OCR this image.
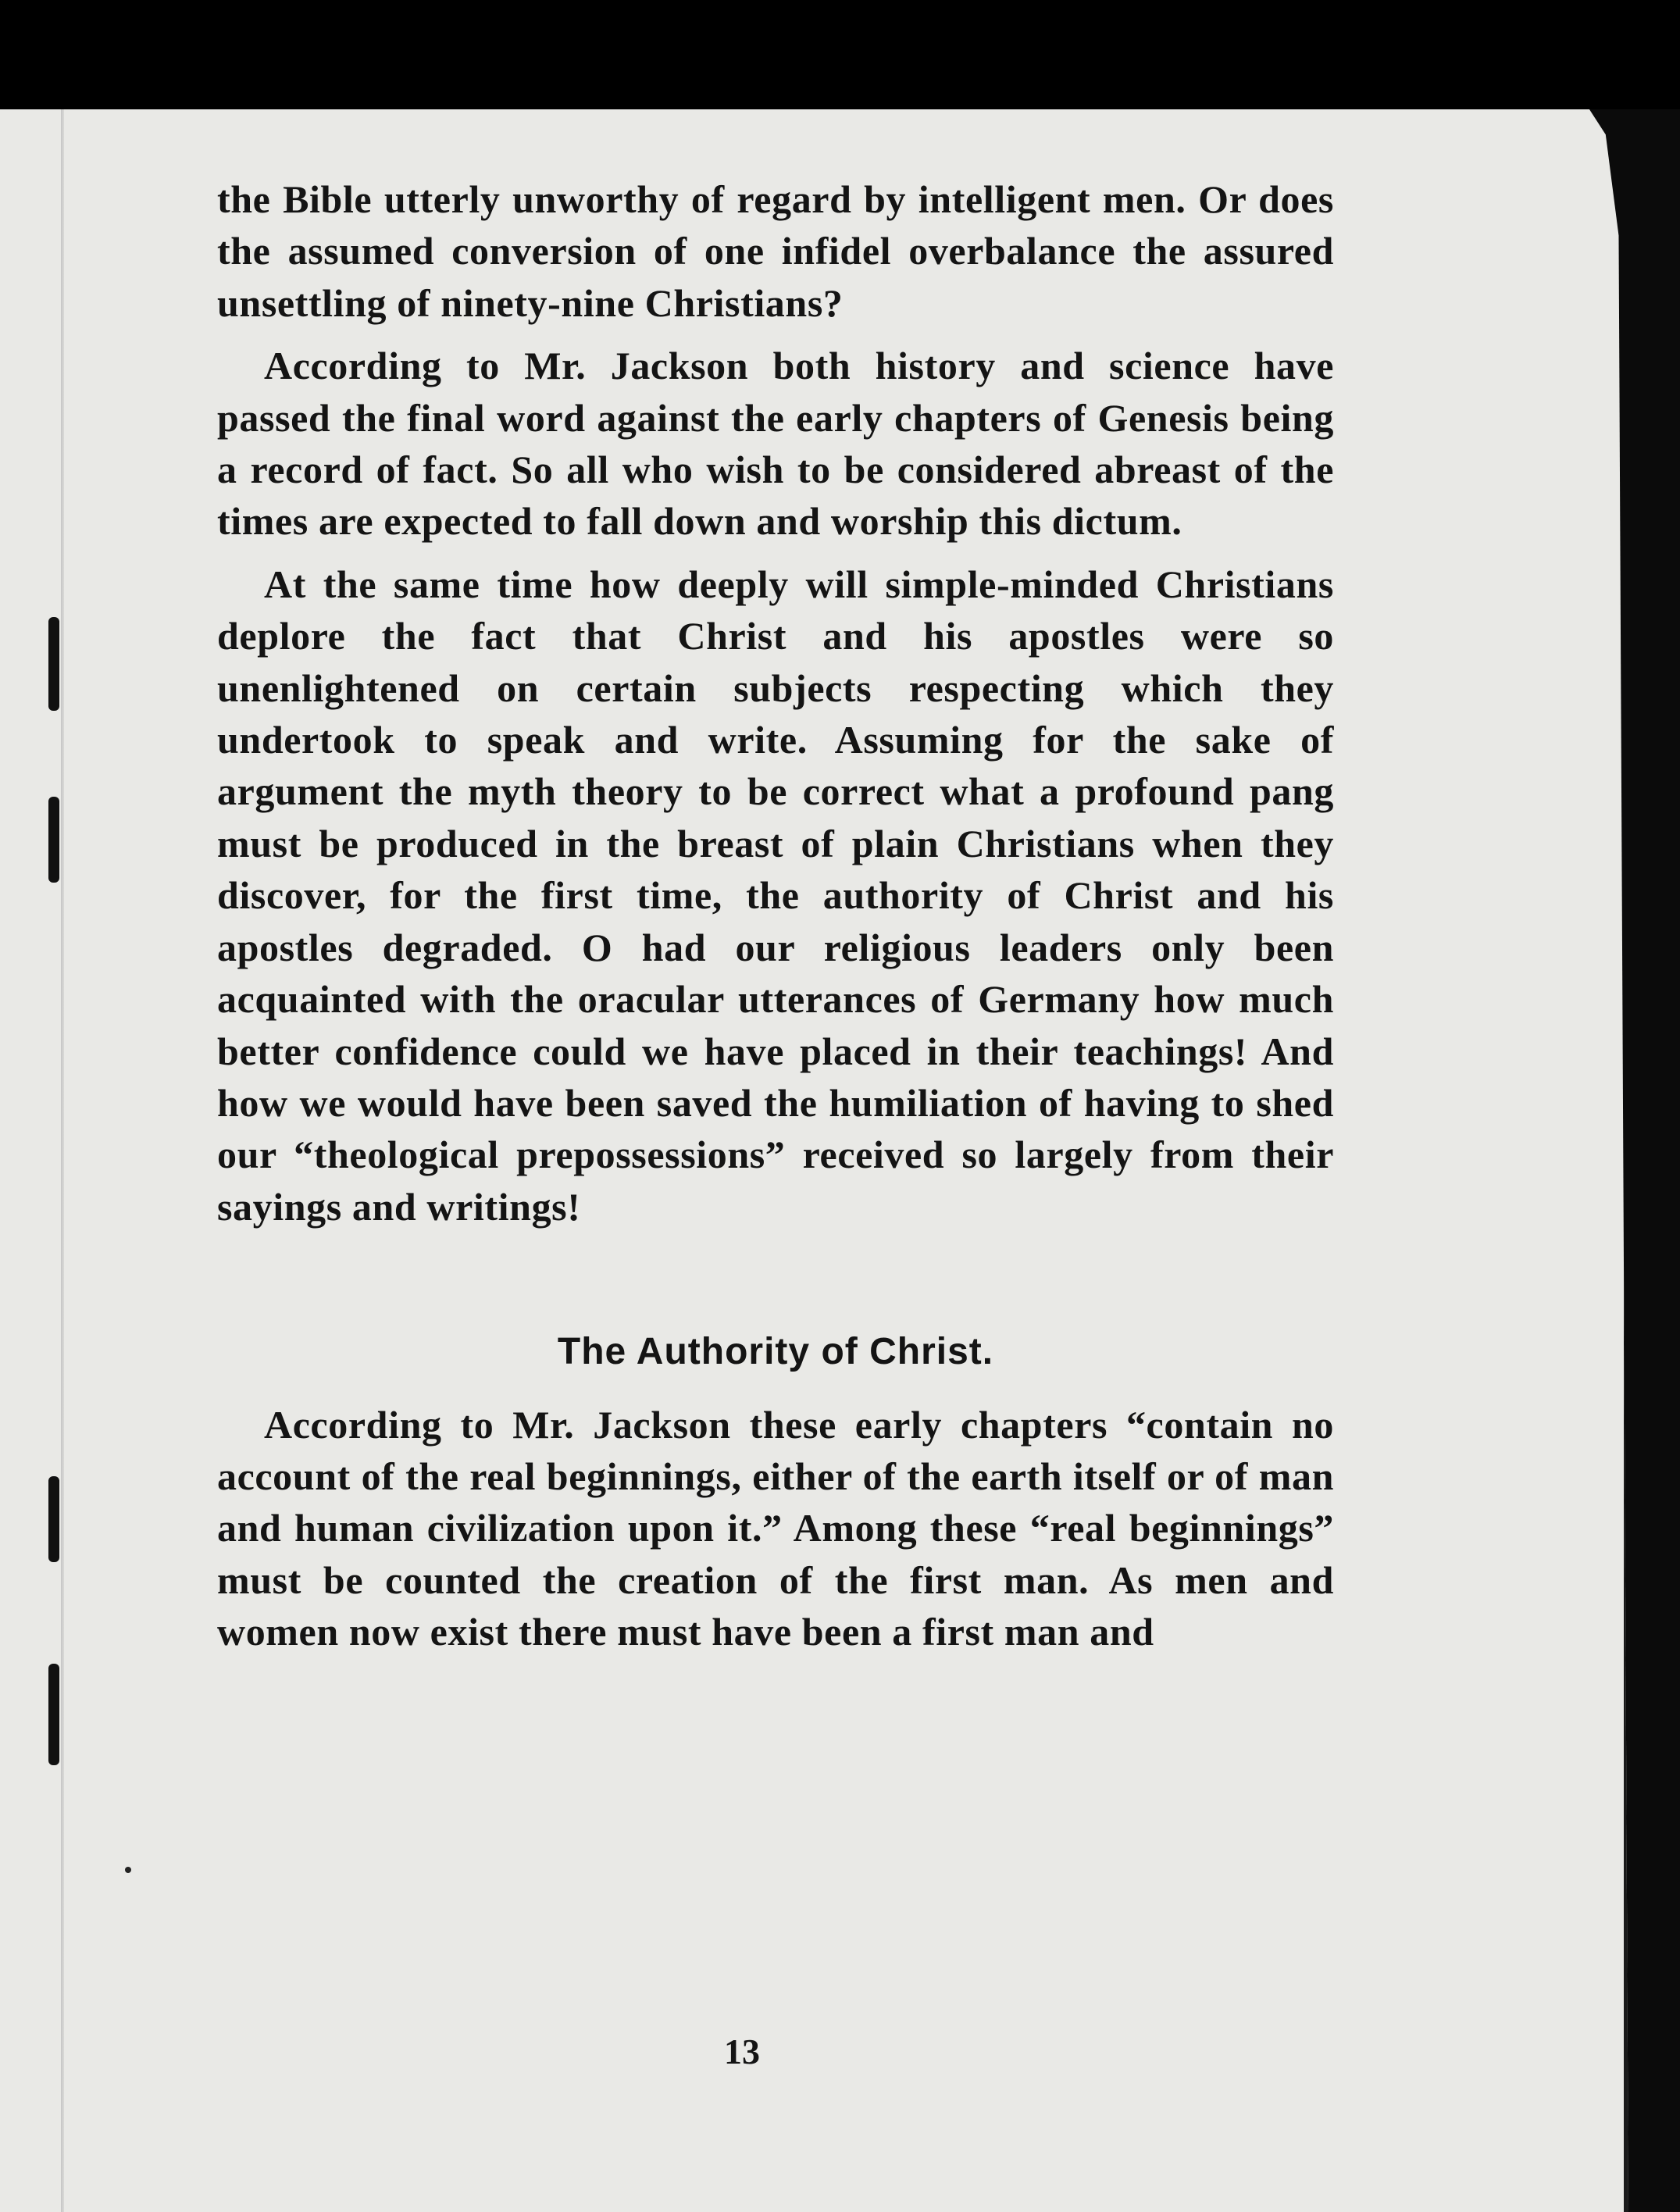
the Bible utterly unworthy of regard by intelligent men. Or does the assumed conversion of one infidel overbalance the assured unsettling of ninety-nine Christians?

According to Mr. Jackson both history and science have passed the final word against the early chapters of Genesis being a record of fact. So all who wish to be considered abreast of the times are expected to fall down and worship this dictum.

At the same time how deeply will simple-minded Christians deplore the fact that Christ and his apostles were so unenlightened on certain subjects respecting which they undertook to speak and write. Assuming for the sake of argument the myth theory to be correct what a profound pang must be produced in the breast of plain Christians when they discover, for the first time, the authority of Christ and his apostles degraded. O had our religious leaders only been acquainted with the oracular utterances of Germany how much better confidence could we have placed in their teachings! And how we would have been saved the humiliation of having to shed our “theological prepossessions” received so largely from their sayings and writings!

The Authority of Christ.

According to Mr. Jackson these early chapters “contain no account of the real beginnings, either of the earth itself or of man and human civilization upon it.” Among these “real beginnings” must be counted the creation of the first man. As men and women now exist there must have been a first man and

13
